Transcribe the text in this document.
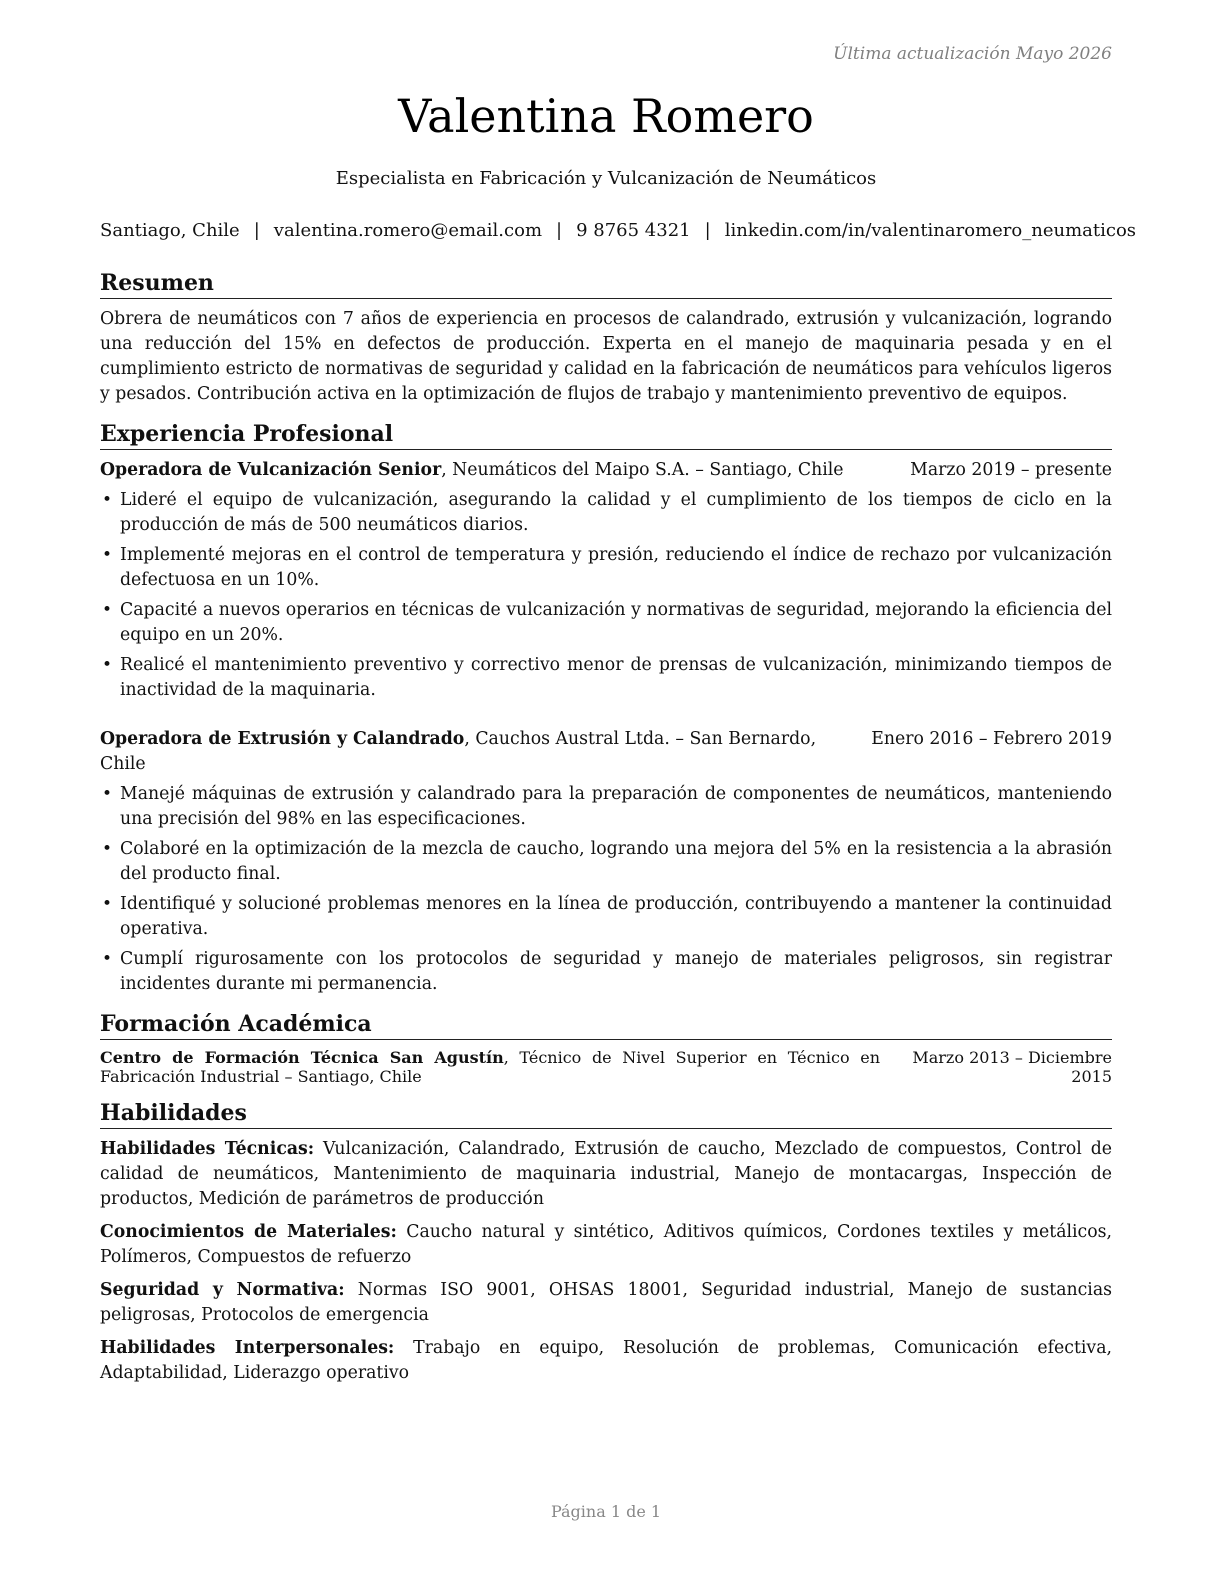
Última actualización Mayo 2026
Valentina Romero
Especialista en Fabricación y Vulcanización de Neumáticos
Santiago, Chile | valentina.romero@email.com | 9 8765 4321 | linkedin.com/in/valentinaromero_neumaticos
Resumen

Obrera de neumáticos con 7 años de experiencia en procesos de calandrado, extrusión y vulcanización, logrando una reducción del 15% en defectos de producción. Experta en el manejo de maquinaria pesada y en el cumplimiento estricto de normativas de seguridad y calidad en la fabricación de neumáticos para vehículos ligeros y pesados. Contribución activa en la optimización de flujos de trabajo y mantenimiento preventivo de equipos.

Experiencia Profesional
Operadora de Vulcanización Senior, Neumáticos del Maipo S.A. – Santiago, Chile	Marzo 2019 – presente
• Lideré el equipo de vulcanización, asegurando la calidad y el cumplimiento de los tiempos de ciclo en la producción de más de 500 neumáticos diarios.
• Implementé mejoras en el control de temperatura y presión, reduciendo el índice de rechazo por vulcanización defectuosa en un 10%.
• Capacité a nuevos operarios en técnicas de vulcanización y normativas de seguridad, mejorando la eficiencia del equipo en un 20%.
• Realicé el mantenimiento preventivo y correctivo menor de prensas de vulcanización, minimizando tiempos de inactividad de la maquinaria.
Operadora de Extrusión y Calandrado, Cauchos Austral Ltda. – San Bernardo, Chile
Enero 2016 – Febrero 2019
• Manejé máquinas de extrusión y calandrado para la preparación de componentes de neumáticos, manteniendo una precisión del 98% en las especificaciones.
• Colaboré en la optimización de la mezcla de caucho, logrando una mejora del 5% en la resistencia a la abrasión del producto final.
• Identifiqué y solucioné problemas menores en la línea de producción, contribuyendo a mantener la continuidad operativa.
• Cumplí rigurosamente con los protocolos de seguridad y manejo de materiales peligrosos, sin registrar incidentes durante mi permanencia.
Formación Académica
Centro de Formación Técnica San Agustín, Técnico de Nivel Superior en Técnico en Fabricación Industrial – Santiago, Chile
Marzo 2013 – Diciembre 2015
Habilidades

Habilidades Técnicas: Vulcanización, Calandrado, Extrusión de caucho, Mezclado de compuestos, Control de calidad de neumáticos, Mantenimiento de maquinaria industrial, Manejo de montacargas, Inspección de productos, Medición de parámetros de producción

Conocimientos de Materiales: Caucho natural y sintético, Aditivos químicos, Cordones textiles y metálicos, Polímeros, Compuestos de refuerzo

Seguridad y Normativa: Normas ISO 9001, OHSAS 18001, Seguridad industrial, Manejo de sustancias peligrosas, Protocolos de emergencia

Habilidades Interpersonales: Trabajo en equipo, Resolución de problemas, Comunicación efectiva, Adaptabilidad, Liderazgo operativo

Página 1 de 1
